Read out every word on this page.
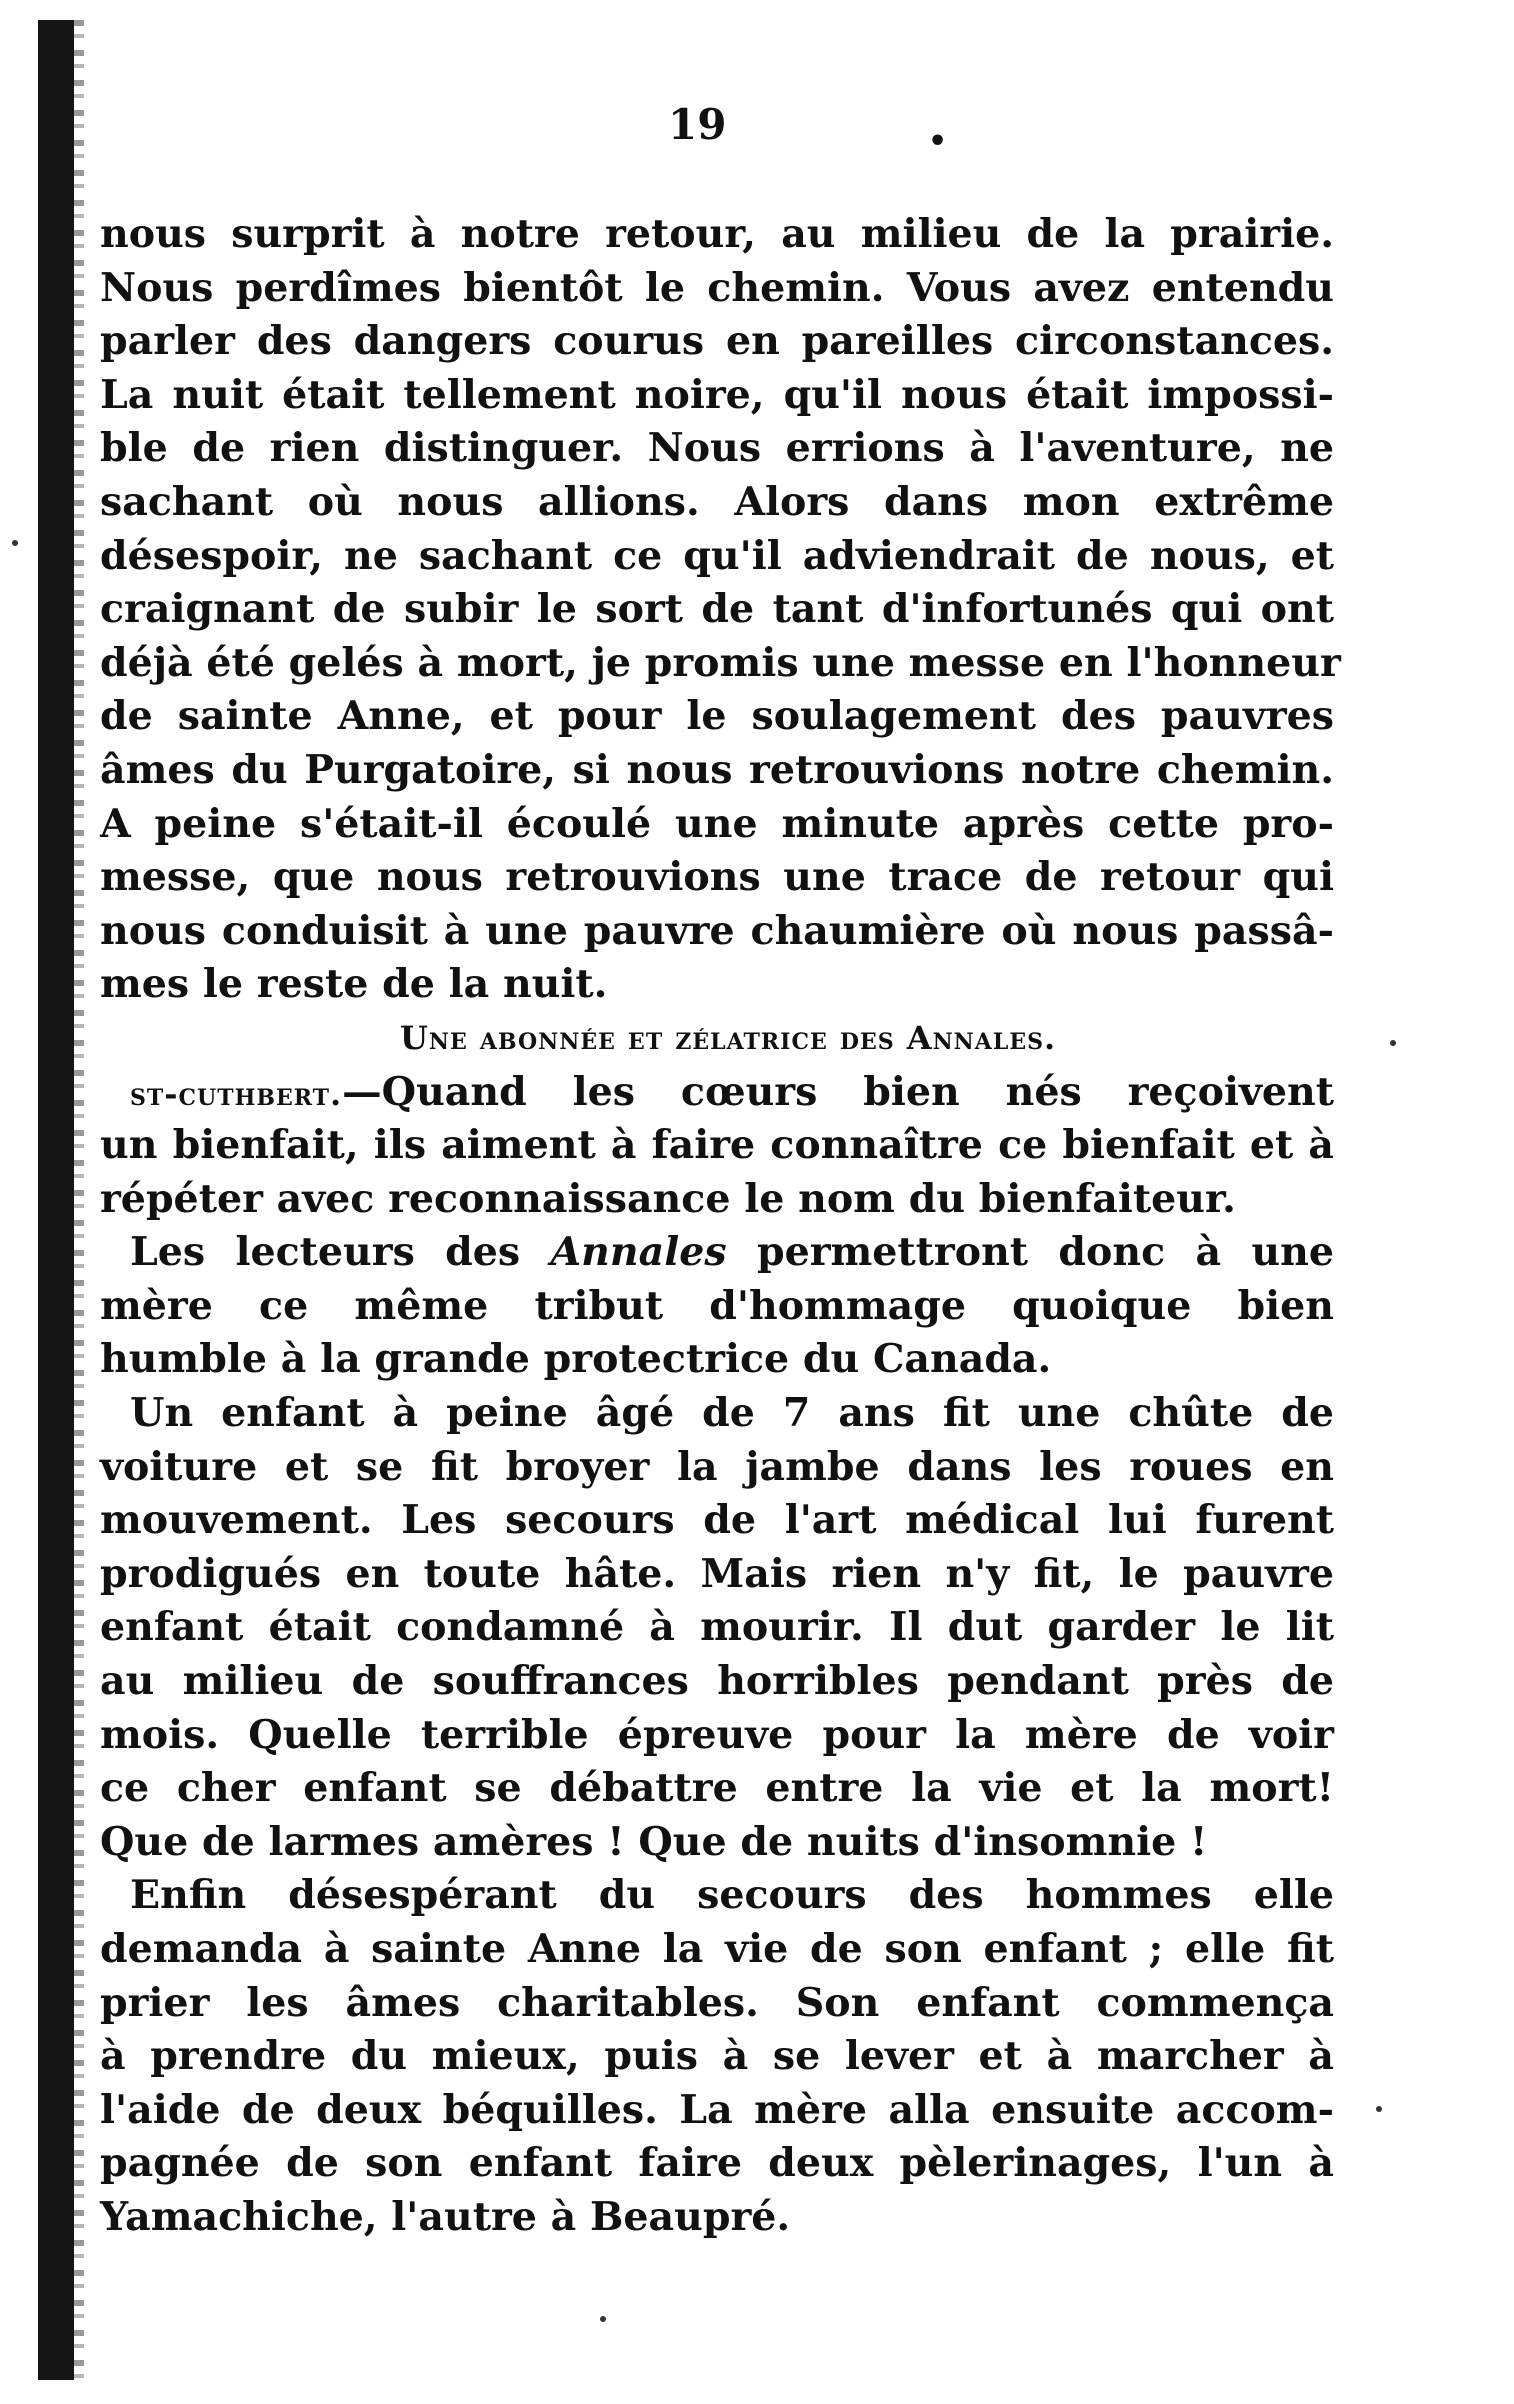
19	•
nous surprit à notre retour, au milieu de la prairie.
Nous perdîmes bientôt le chemin. Vous avez entendu
parler des dangers courus en pareilles circonstances.
La nuit était tellement noire, qu'il nous était impossi-
ble de rien distinguer. Nous errions à l'aventure, ne
sachant où nous allions. Alors dans mon extrême
désespoir, ne sachant ce qu'il adviendrait de nous, et
craignant de subir le sort de tant d'infortunés qui ont
déjà été gelés à mort, je promis une messe en l'honneur
de sainte Anne, et pour le soulagement des pauvres
âmes du Purgatoire, si nous retrouvions notre chemin.
A peine s'était-il écoulé une minute après cette pro-
messe, que nous retrouvions une trace de retour qui
nous conduisit à une pauvre chaumière où nous passâ-
mes le reste de la nuit.
Une abonnée et zélatrice des Annales.
st-cuthbert.—Quand les cœurs bien nés reçoivent
un bienfait, ils aiment à faire connaître ce bienfait et à
répéter avec reconnaissance le nom du bienfaiteur.
Les lecteurs des Annales permettront donc à une
mère ce même tribut d'hommage quoique bien
humble à la grande protectrice du Canada.
Un enfant à peine âgé de 7 ans fit une chûte de
voiture et se fit broyer la jambe dans les roues en
mouvement. Les secours de l'art médical lui furent
prodigués en toute hâte. Mais rien n'y fit, le pauvre
enfant était condamné à mourir. Il dut garder le lit
au milieu de souffrances horribles pendant près de
mois. Quelle terrible épreuve pour la mère de voir
ce cher enfant se débattre entre la vie et la mort!
Que de larmes amères ! Que de nuits d'insomnie !
Enfin désespérant du secours des hommes elle
demanda à sainte Anne la vie de son enfant ; elle fit
prier les âmes charitables. Son enfant commença
à prendre du mieux, puis à se lever et à marcher à
l'aide de deux béquilles. La mère alla ensuite accom-
pagnée de son enfant faire deux pèlerinages, l'un à
Yamachiche, l'autre à Beaupré.
